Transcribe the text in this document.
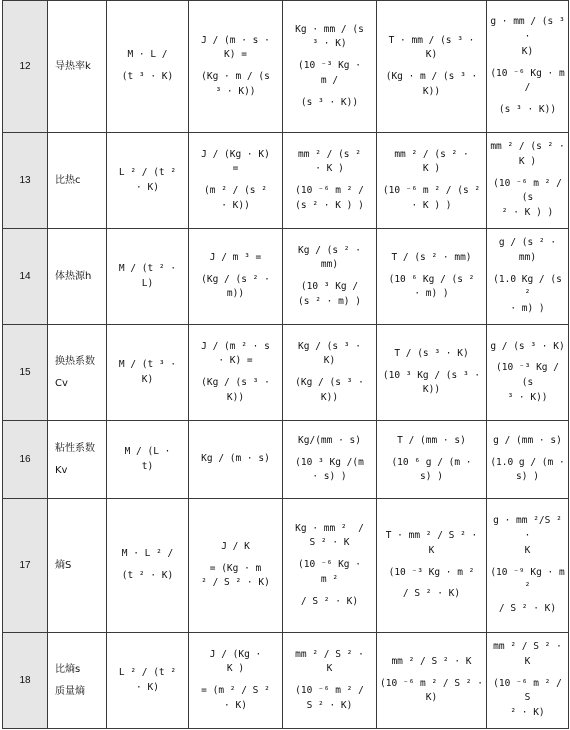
12	导热率k	M · L /
(t ³ · K)	J / (m · s ·
K) =
(Kg · m / (s
³ · K))	Kg · mm / (s
³ · K)
(10 ⁻³ Kg ·
m /
(s ³ · K))	T · mm / (s ³ ·
K)
(Kg · m / (s ³ ·
K))	g · mm / (s ³ ·
K)
(10 ⁻⁶ Kg · m /
(s ³ · K))

13	比热c	L ² / (t ²
· K)	J / (Kg · K)
=
(m ² / (s ²
· K))	mm ² / (s ²
· K )
(10 ⁻⁶ m ² /
(s ² · K ) )	mm ² / (s ² ·
K )
(10 ⁻⁶ m ² / (s ²
· K ) )	mm ² / (s ² ·
K )
(10 ⁻⁶ m ² / (s
² · K ) )

14	体热源h	M / (t ² ·
L)	J / m ³ =
(Kg / (s ² ·
m))	Kg / (s ² ·
mm)
(10 ³ Kg /
(s ² · m) )	T / (s ² · mm)
(10 ⁶ Kg / (s ²
· m) )	g / (s ² · mm)
(1.0 Kg / (s ²
· m) )

15	换热系数
Cv	M / (t ³ ·
K)	J / (m ² · s
· K) =
(Kg / (s ³ ·
K))	Kg / (s ³ ·
K)
(Kg / (s ³ ·
K))	T / (s ³ · K)
(10 ³ Kg / (s ³ ·
K))	g / (s ³ · K)
(10 ⁻³ Kg / (s
³ · K))

16	粘性系数
Kv	M / (L ·
t)	Kg / (m · s)	Kg/(mm · s)
(10 ³ Kg /(m
· s) )	T / (mm · s)
(10 ⁶ g / (m ·
s) )	g / (mm · s)
(1.0 g / (m ·
s) )

17	熵S	M · L ² /
(t ² · K)	J / K
= (Kg · m
² / S ² · K)	Kg · mm ²  /
S ² · K
(10 ⁻⁶ Kg ·
m ²
/ S ² · K)	T · mm ² / S ² ·
K
(10 ⁻³ Kg · m ²
/ S ² · K)	g · mm ²/S ² ·
K
(10 ⁻⁹ Kg · m ²
/ S ² · K)

18	比熵s
质量熵	L ² / (t ²
· K)	J / (Kg ·
K )
= (m ² / S ²
· K)	mm ² / S ² ·
K
(10 ⁻⁶ m ² /
S ² · K)	mm ² / S ² · K
(10 ⁻⁶ m ² / S ² ·
K)	mm ² / S ² · K
(10 ⁻⁶ m ² / S
² · K)
